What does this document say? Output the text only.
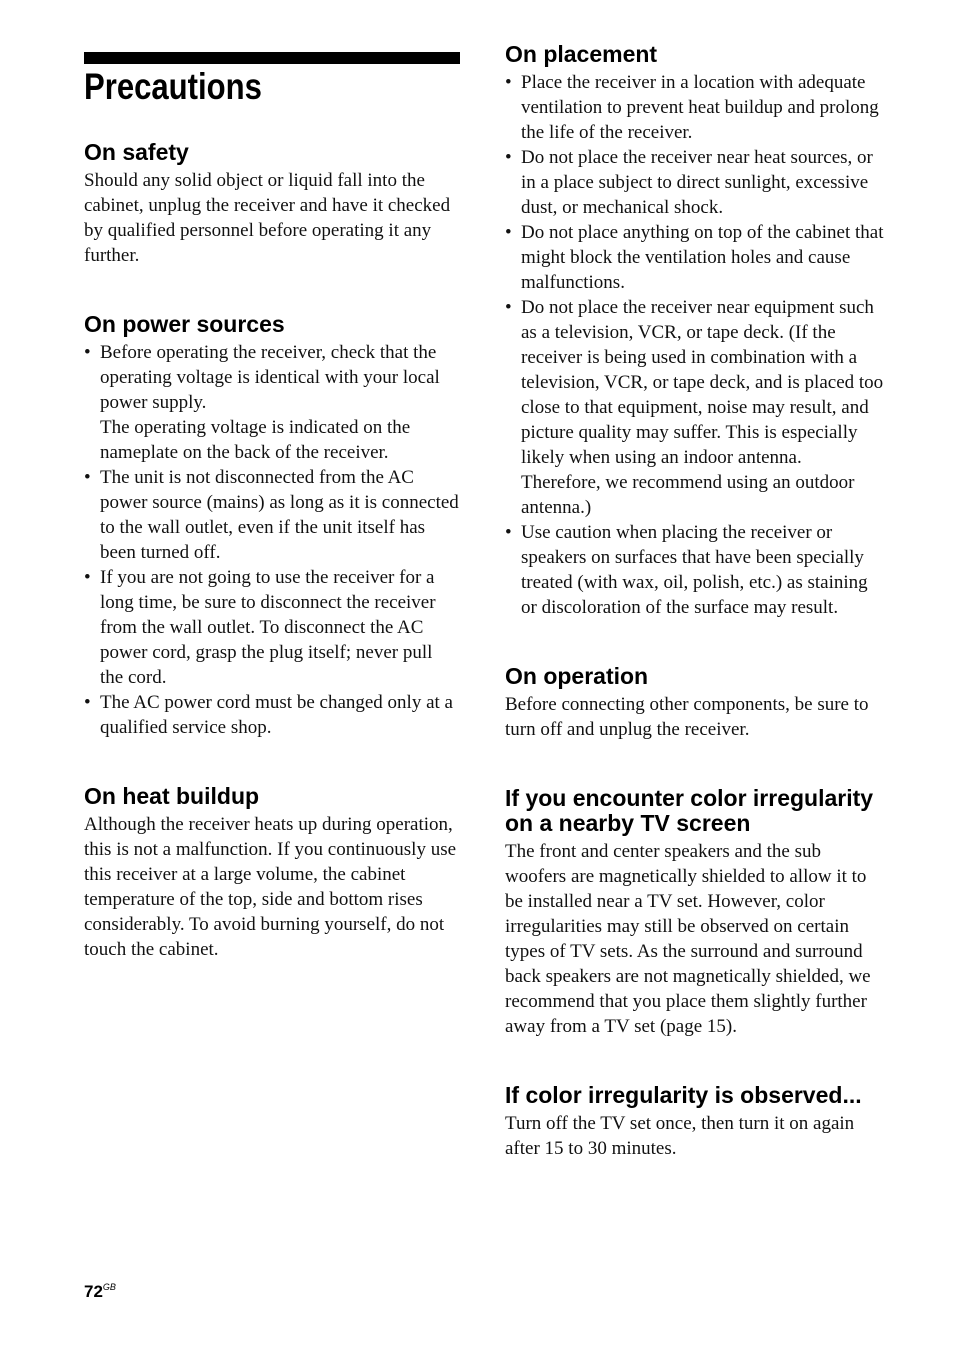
Precautions
On safety

Should any solid object or liquid fall into the cabinet, unplug the receiver and have it checked by qualified personnel before operating it any further.

On power sources
• Before operating the receiver, check that the operating voltage is identical with your local power supply.
The operating voltage is indicated on the nameplate on the back of the receiver.
• The unit is not disconnected from the AC power source (mains) as long as it is connected to the wall outlet, even if the unit itself has been turned off.
• If you are not going to use the receiver for a long time, be sure to disconnect the receiver from the wall outlet. To disconnect the AC power cord, grasp the plug itself; never pull the cord.
• The AC power cord must be changed only at a qualified service shop.
On heat buildup

Although the receiver heats up during operation, this is not a malfunction. If you continuously use this receiver at a large volume, the cabinet temperature of the top, side and bottom rises considerably. To avoid burning yourself, do not touch the cabinet.

On placement
• Place the receiver in a location with adequate ventilation to prevent heat buildup and prolong the life of the receiver.
• Do not place the receiver near heat sources, or in a place subject to direct sunlight, excessive dust, or mechanical shock.
• Do not place anything on top of the cabinet that might block the ventilation holes and cause malfunctions.
• Do not place the receiver near equipment such as a television, VCR, or tape deck. (If the receiver is being used in combination with a television, VCR, or tape deck, and is placed too close to that equipment, noise may result, and picture quality may suffer. This is especially likely when using an indoor antenna. Therefore, we recommend using an outdoor antenna.)
• Use caution when placing the receiver or speakers on surfaces that have been specially treated (with wax, oil, polish, etc.) as staining or discoloration of the surface may result.
On operation

Before connecting other components, be sure to turn off and unplug the receiver.

If you encounter color irregularity on a nearby TV screen

The front and center speakers and the sub woofers are magnetically shielded to allow it to be installed near a TV set. However, color irregularities may still be observed on certain types of TV sets. As the surround and surround back speakers are not magnetically shielded, we recommend that you place them slightly further away from a TV set (page 15).

If color irregularity is observed...

Turn off the TV set once, then turn it on again after 15 to 30 minutes.

$72^{GB}$
